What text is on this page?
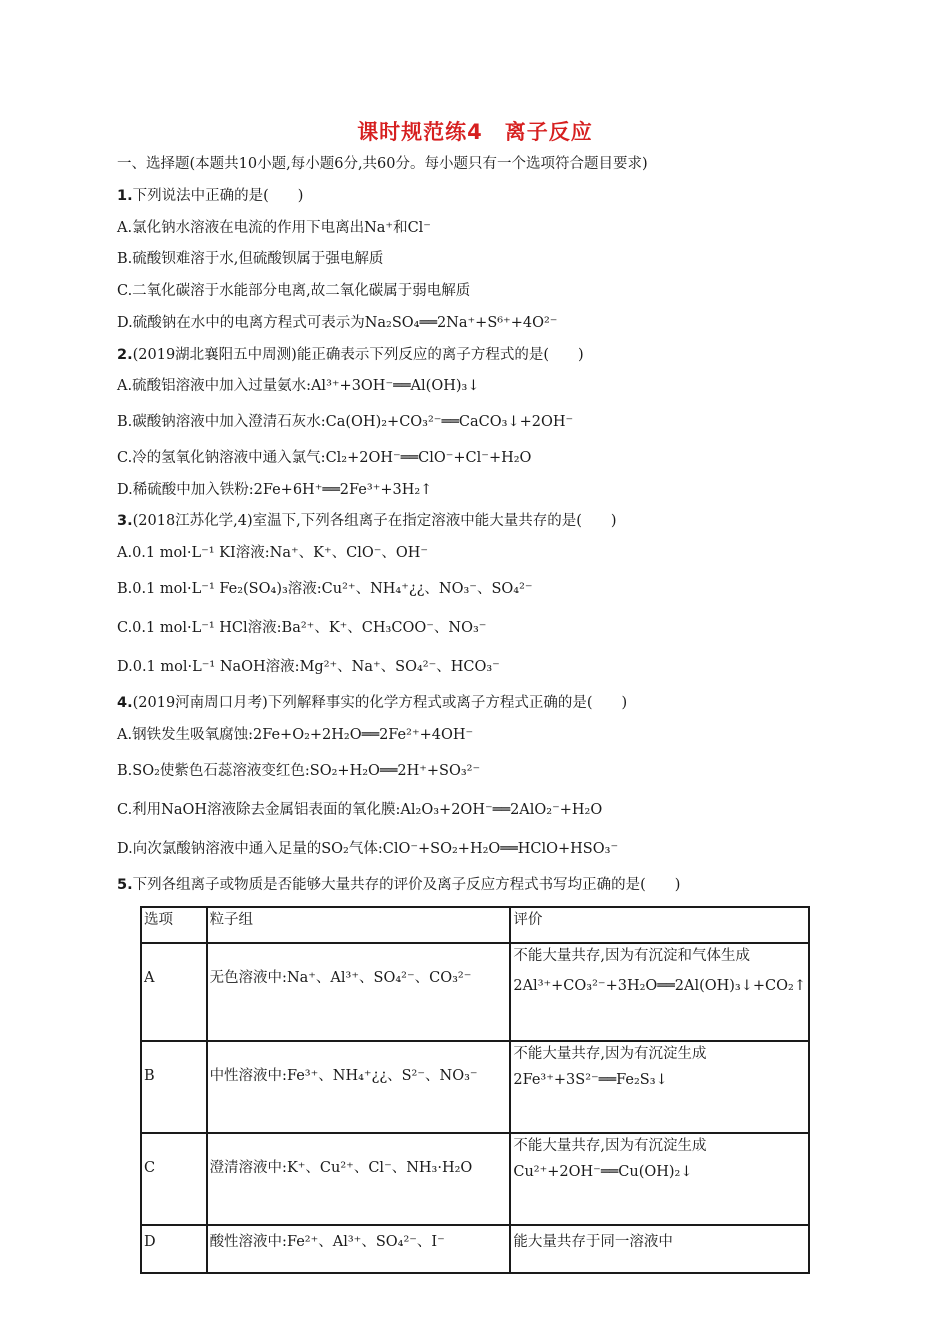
课时规范练4　离子反应
一、选择题(本题共10小题,每小题6分,共60分。每小题只有一个选项符合题目要求)
1.下列说法中正确的是(　　)
A.氯化钠水溶液在电流的作用下电离出Na⁺和Cl⁻
B.硫酸钡难溶于水,但硫酸钡属于强电解质
C.二氧化碳溶于水能部分电离,故二氧化碳属于弱电解质
D.硫酸钠在水中的电离方程式可表示为Na₂SO₄══2Na⁺+S⁶⁺+4O²⁻
2.(2019湖北襄阳五中周测)能正确表示下列反应的离子方程式的是(　　)
A.硫酸铝溶液中加入过量氨水:Al³⁺+3OH⁻══Al(OH)₃↓
B.碳酸钠溶液中加入澄清石灰水:Ca(OH)₂+CO₃²⁻══CaCO₃↓+2OH⁻
C.冷的氢氧化钠溶液中通入氯气:Cl₂+2OH⁻══ClO⁻+Cl⁻+H₂O
D.稀硫酸中加入铁粉:2Fe+6H⁺══2Fe³⁺+3H₂↑
3.(2018江苏化学,4)室温下,下列各组离子在指定溶液中能大量共存的是(　　)
A.0.1 mol·L⁻¹ KI溶液:Na⁺、K⁺、ClO⁻、OH⁻
B.0.1 mol·L⁻¹ Fe₂(SO₄)₃溶液:Cu²⁺、NH₄⁺¿¿、NO₃⁻、SO₄²⁻
C.0.1 mol·L⁻¹ HCl溶液:Ba²⁺、K⁺、CH₃COO⁻、NO₃⁻
D.0.1 mol·L⁻¹ NaOH溶液:Mg²⁺、Na⁺、SO₄²⁻、HCO₃⁻
4.(2019河南周口月考)下列解释事实的化学方程式或离子方程式正确的是(　　)
A.钢铁发生吸氧腐蚀:2Fe+O₂+2H₂O══2Fe²⁺+4OH⁻
B.SO₂使紫色石蕊溶液变红色:SO₂+H₂O══2H⁺+SO₃²⁻
C.利用NaOH溶液除去金属铝表面的氧化膜:Al₂O₃+2OH⁻══2AlO₂⁻+H₂O
D.向次氯酸钠溶液中通入足量的SO₂气体:ClO⁻+SO₂+H₂O══HClO+HSO₃⁻
5.下列各组离子或物质是否能够大量共存的评价及离子反应方程式书写均正确的是(　　)
选项	粒子组	评价
A	无色溶液中:Na⁺、Al³⁺、SO₄²⁻、CO₃²⁻	不能大量共存,因为有沉淀和气体生成
2Al³⁺+CO₃²⁻+3H₂O══2Al(OH)₃↓+CO₂↑

B	中性溶液中:Fe³⁺、NH₄⁺¿¿、S²⁻、NO₃⁻	不能大量共存,因为有沉淀生成
2Fe³⁺+3S²⁻══Fe₂S₃↓

C	澄清溶液中:K⁺、Cu²⁺、Cl⁻、NH₃·H₂O	不能大量共存,因为有沉淀生成
Cu²⁺+2OH⁻══Cu(OH)₂↓

D	酸性溶液中:Fe²⁺、Al³⁺、SO₄²⁻、I⁻	能大量共存于同一溶液中
